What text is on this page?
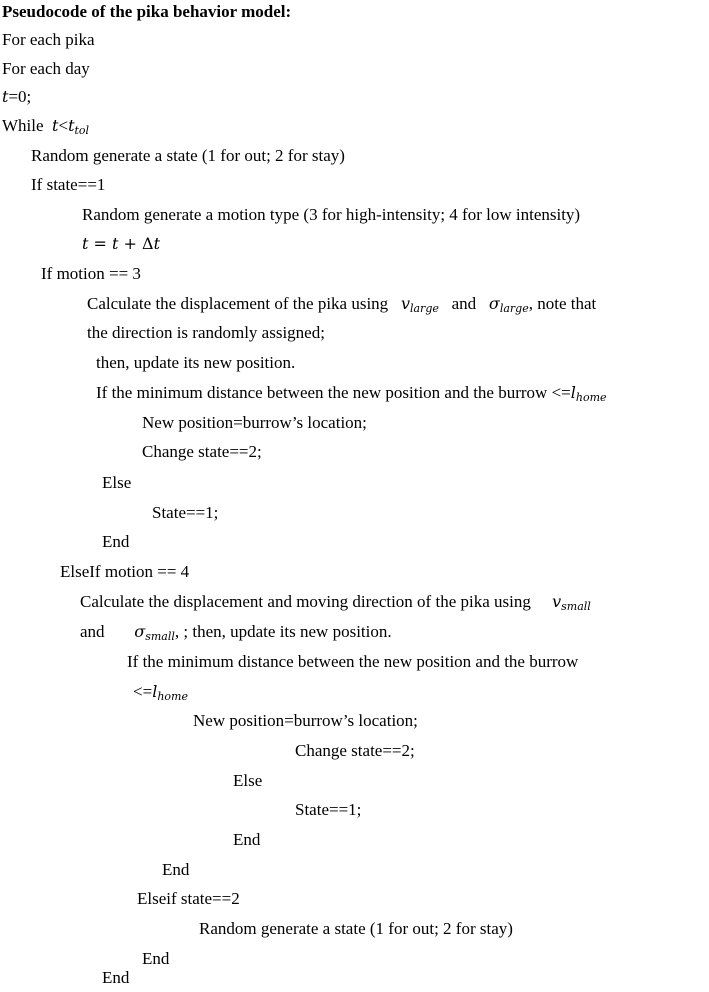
Pseudocode of the pika behavior model:
For each pika
For each day
t=0;
While $t<t_{tol}$
Random generate a state (1 for out; 2 for stay)
If state==1
Random generate a motion type (3 for high-intensity; 4 for low intensity)
t = t + Δt
If motion == 3
Calculate the displacement of the pika using $v_{large}$ and $\sigma_{large}$, note that
the direction is randomly assigned;
then, update its new position.
If the minimum distance between the new position and the burrow $<=l_{home}$
New position=burrow’s location;
Change state==2;
Else
State==1;
End
ElseIf motion == 4
Calculate the displacement and moving direction of the pika using $v_{small}$
and $\sigma_{small}$, ; then, update its new position.
If the minimum distance between the new position and the burrow
$<=l_{home}$
New position=burrow’s location;
Change state==2;
Else
State==1;
End
End
Elseif state==2
Random generate a state (1 for out; 2 for stay)
End
End
